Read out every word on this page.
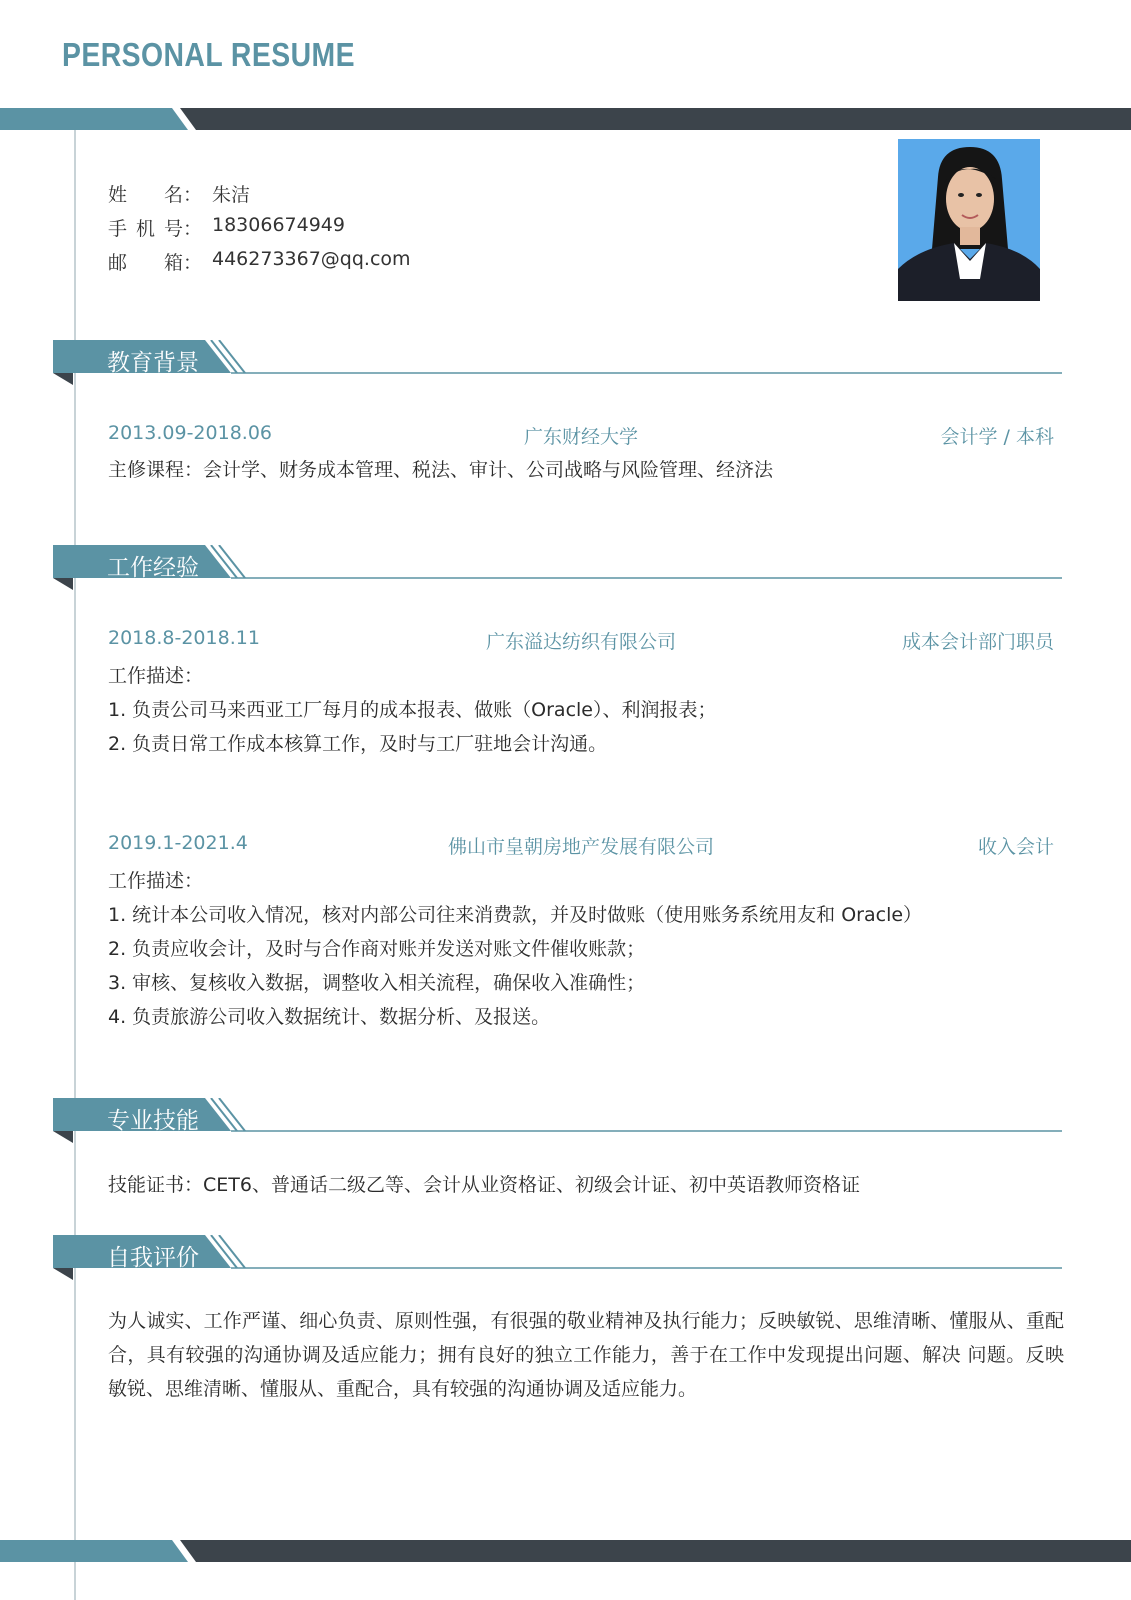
PERSONAL RESUME
姓 名： 朱洁
手 机 号： 18306674949
邮 箱： 446273367@qq.com
教育背景
2013.09-2018.06	广东财经大学	会计学 / 本科
主修课程：会计学、财务成本管理、税法、审计、公司战略与风险管理、经济法
工作经验
2018.8-2018.11	广东溢达纺织有限公司	成本会计部门职员
工作描述：
1. 负责公司马来西亚工厂每月的成本报表、做账（Oracle）、利润报表；
2. 负责日常工作成本核算工作，及时与工厂驻地会计沟通。
2019.1-2021.4	佛山市皇朝房地产发展有限公司	收入会计
工作描述：
1. 统计本公司收入情况，核对内部公司往来消费款，并及时做账（使用账务系统用友和 Oracle）
2. 负责应收会计，及时与合作商对账并发送对账文件催收账款；
3. 审核、复核收入数据，调整收入相关流程，确保收入准确性；
4. 负责旅游公司收入数据统计、数据分析、及报送。
专业技能
技能证书：CET6、普通话二级乙等、会计从业资格证、初级会计证、初中英语教师资格证
自我评价
为人诚实、工作严谨、细心负责、原则性强，有很强的敬业精神及执行能力；反映敏锐、思维清晰、懂服从、重配合，具有较强的沟通协调及适应能力；拥有良好的独立工作能力，善于在工作中发现提出问题、解决 问题。反映敏锐、思维清晰、懂服从、重配合，具有较强的沟通协调及适应能力。
